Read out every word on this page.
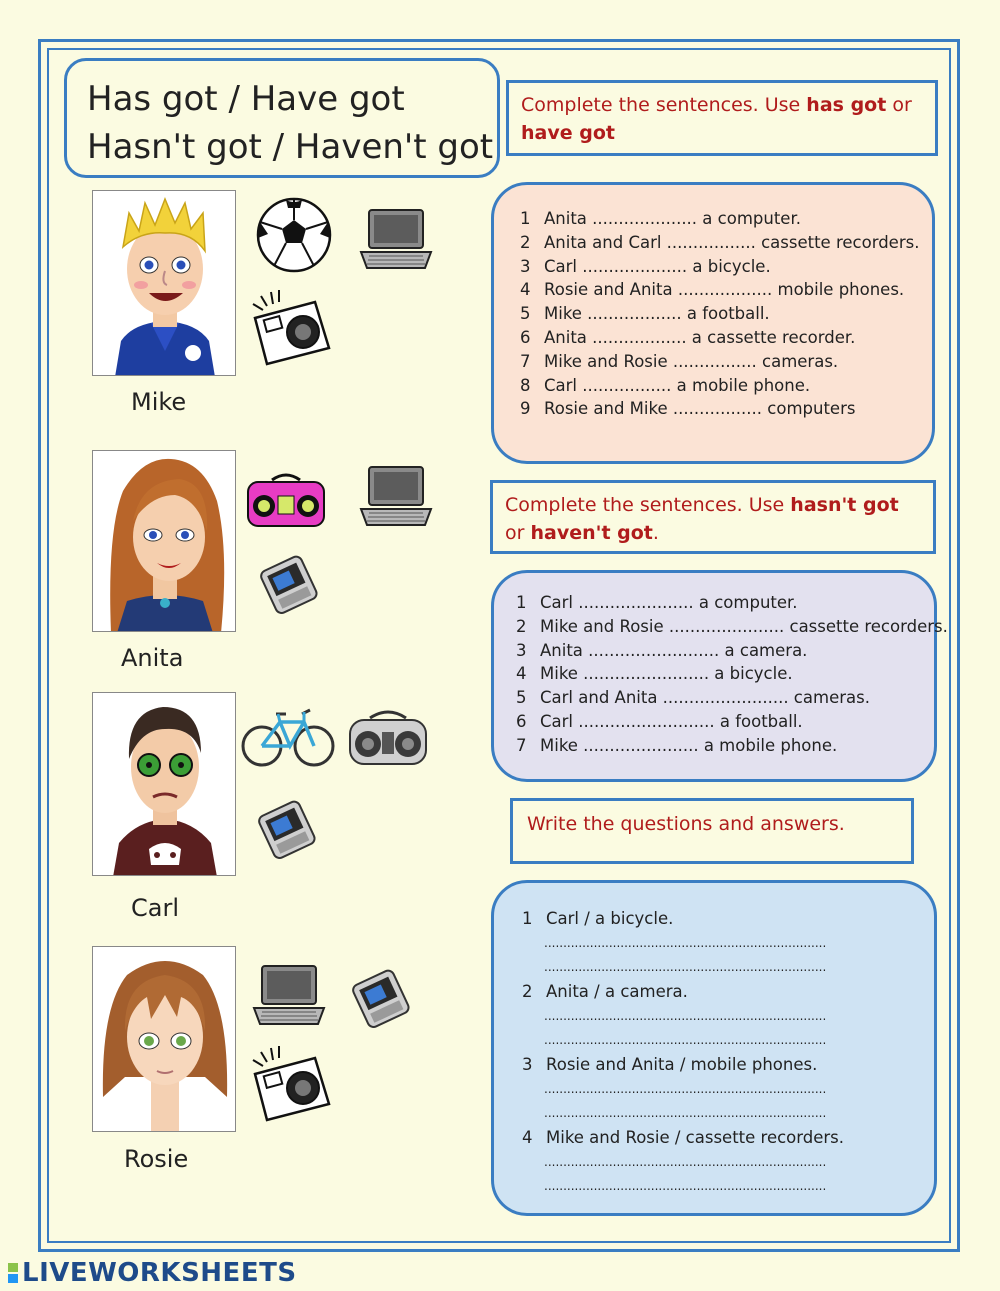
Has got / Have got
Hasn't got / Haven't got
Complete the sentences. Use has got or have got
1 Anita .................... a computer.
2 Anita and Carl ................. cassette recorders.
3 Carl .................... a bicycle.
4 Rosie and Anita .................. mobile phones.
5 Mike .................. a football.
6 Anita .................. a cassette recorder.
7 Mike and Rosie ................ cameras.
8 Carl ................. a mobile phone.
9 Rosie and Mike ................. computers
Complete the sentences. Use hasn't got or haven't got.
1 Carl ...................... a computer.
2 Mike and Rosie ...................... cassette recorders.
3 Anita ......................... a camera.
4 Mike ........................ a bicycle.
5 Carl and Anita ........................ cameras.
6 Carl .......................... a football.
7 Mike ...................... a mobile phone.
Write the questions and answers.
1 Carl / a bicycle.
..........................................................................
..........................................................................
2 Anita / a camera.
..........................................................................
..........................................................................
3 Rosie and Anita / mobile phones.
..........................................................................
..........................................................................
4 Mike and Rosie / cassette recorders.
..........................................................................
..........................................................................
Mike
Anita
Carl
Rosie
LIVEWORKSHEETS
